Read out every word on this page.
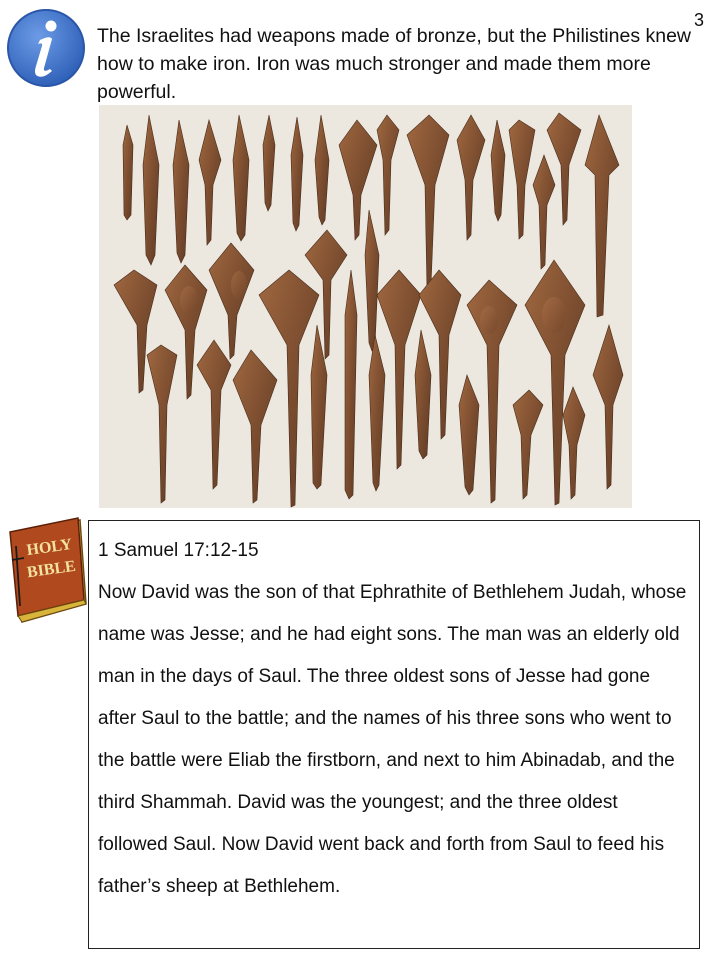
3
The Israelites had weapons made of bronze, but the Philistines knew how to make iron. Iron was much stronger and made them more powerful.
HOLY
BIBLE
1 Samuel 17:12-15
Now David was the son of that Ephrathite of Bethlehem Judah, whose name was Jesse; and he had eight sons. The man was an elderly old man in the days of Saul. The three oldest sons of Jesse had gone after Saul to the battle; and the names of his three sons who went to the battle were Eliab the firstborn, and next to him Abinadab, and the third Shammah. David was the youngest; and the three oldest followed Saul. Now David went back and forth from Saul to feed his father’s sheep at Bethlehem.
